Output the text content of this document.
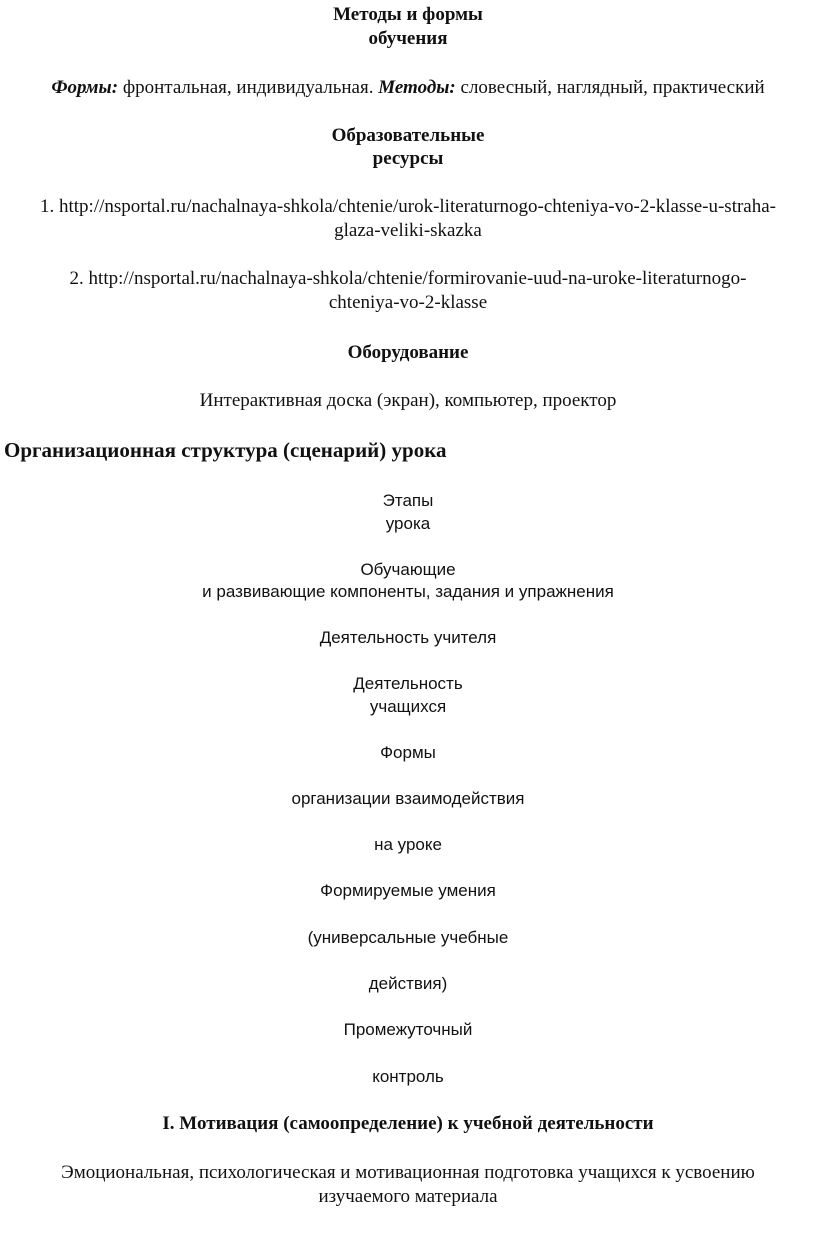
Методы и формы
обучения
Формы: фронтальная, индивидуальная. Методы: словесный, наглядный, практический
Образовательные
ресурсы
1. http://nsportal.ru/nachalnaya-shkola/chtenie/urok-literaturnogo-chteniya-vo-2-klasse-u-straha-
glaza-veliki-skazka
2. http://nsportal.ru/nachalnaya-shkola/chtenie/formirovanie-uud-na-uroke-literaturnogo-
chteniya-vo-2-klasse
Оборудование
Интерактивная доска (экран), компьютер, проектор
Организационная структура (сценарий) урока
Этапы
урока
Обучающие
и развивающие компоненты, задания и упражнения
Деятельность учителя
Деятельность
учащихся
Формы
организации взаимодействия
на уроке
Формируемые умения
(универсальные учебные
действия)
Промежуточный
контроль
I. Мотивация (самоопределение) к учебной деятельности
Эмоциональная, психологическая и мотивационная подготовка учащихся к усвоению
изучаемого материала
